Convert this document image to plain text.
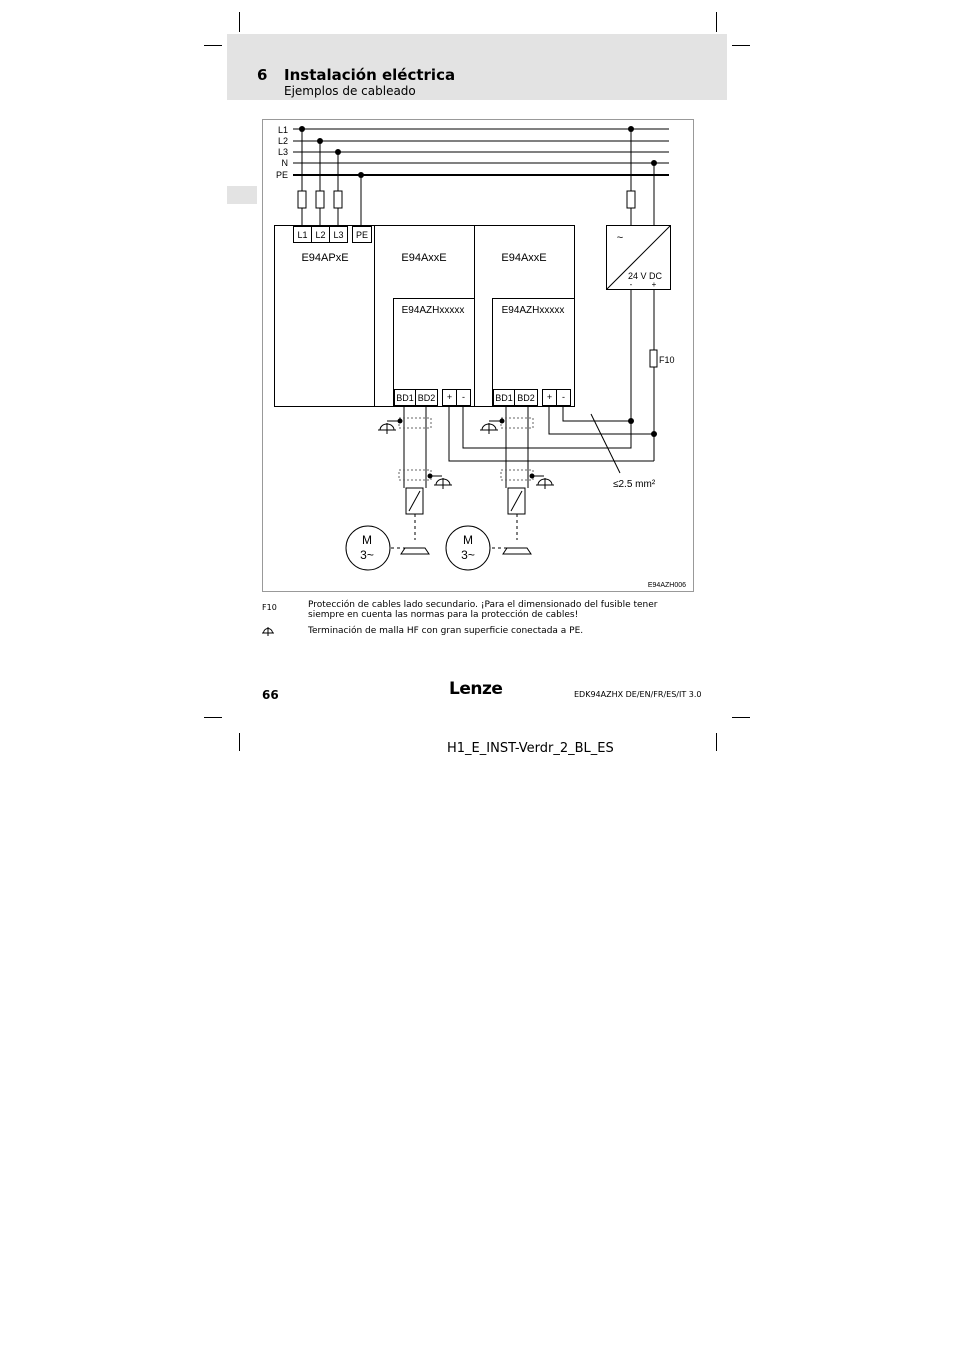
6 Instalación eléctrica
Ejemplos de cableado
L1
L2
L3
N
PE
L1 L2 L3 PE
E94APxE	E94AxxE	E94AxxE
E94AZHxxxxx	E94AZHxxxxx
BD1 BD2 + -	BD1 BD2 + -
~
24 V DC
- +
F10
≤2.5 mm²
M
3~
M
3~
E94AZH006
F10	Protección de cables lado secundario. ¡Para el dimensionado del fusible tener siempre en cuenta las normas para la protección de cables!
Terminación de malla HF con gran superficie conectada a PE.
66	Lenze	EDK94AZHX DE/EN/FR/ES/IT 3.0
H1_E_INST-Verdr_2_BL_ES
